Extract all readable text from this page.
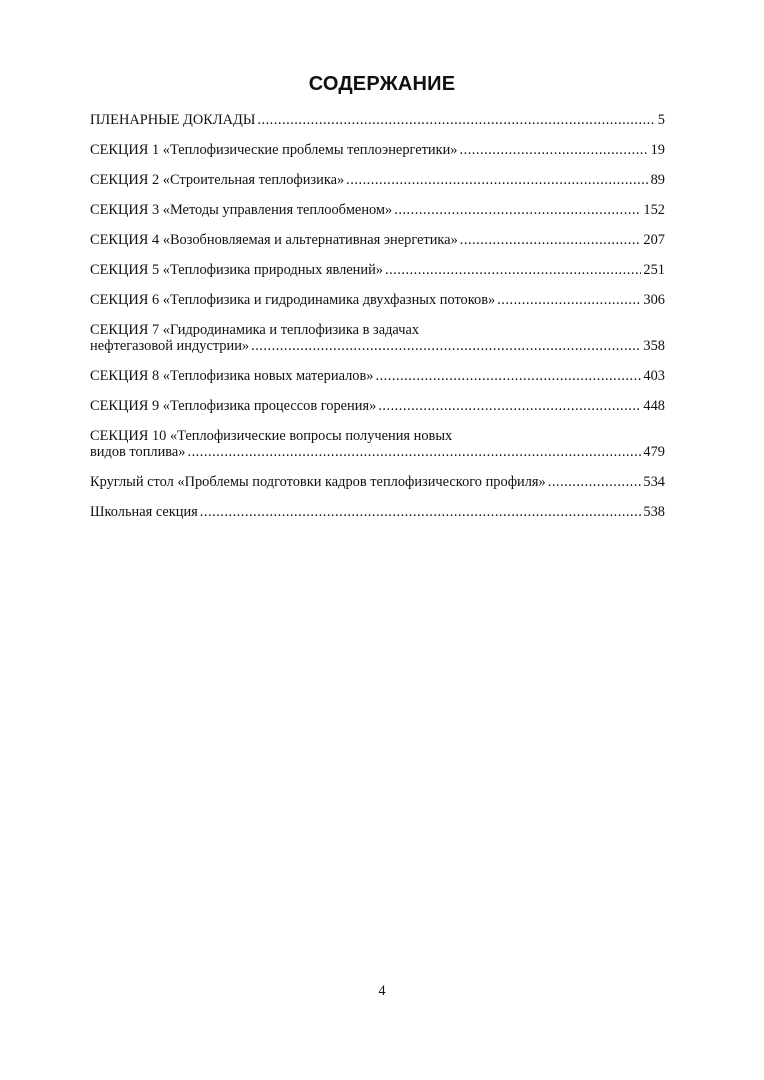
СОДЕРЖАНИЕ
ПЛЕНАРНЫЕ ДОКЛАДЫ .....	5
СЕКЦИЯ 1 «Теплофизические проблемы теплоэнергетики» .....	19
СЕКЦИЯ 2 «Строительная теплофизика» .....	89
СЕКЦИЯ 3 «Методы управления теплообменом» .....	152
СЕКЦИЯ 4 «Возобновляемая и альтернативная энергетика» .....	207
СЕКЦИЯ 5 «Теплофизика природных явлений» .....	251
СЕКЦИЯ 6 «Теплофизика и гидродинамика двухфазных потоков» .....	306
СЕКЦИЯ 7 «Гидродинамика и теплофизика в задачах
нефтегазовой индустрии» .....	358
СЕКЦИЯ 8 «Теплофизика новых материалов» .....	403
СЕКЦИЯ 9 «Теплофизика процессов горения» .....	448
СЕКЦИЯ 10 «Теплофизические вопросы получения новых
видов топлива» .....	479
Круглый стол «Проблемы подготовки кадров теплофизического профиля» .....	534
Школьная секция .....	538
4
